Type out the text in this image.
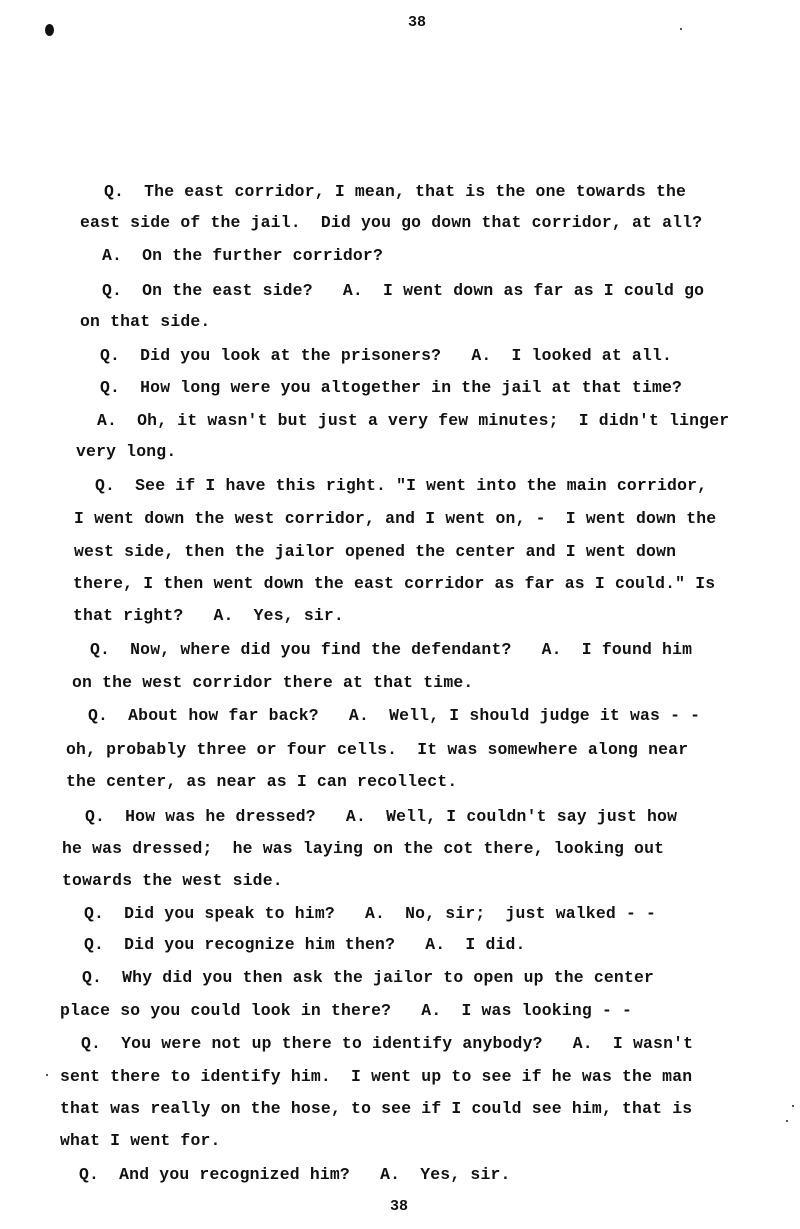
38
Q.  The east corridor, I mean, that is the one towards the
east side of the jail.  Did you go down that corridor, at all?
A.  On the further corridor?
Q.  On the east side?   A.  I went down as far as I could go
on that side.
Q.  Did you look at the prisoners?   A.  I looked at all.
Q.  How long were you altogether in the jail at that time?
A.  Oh, it wasn't but just a very few minutes;  I didn't linger
very long.
Q.  See if I have this right. "I went into the main corridor,
I went down the west corridor, and I went on, -  I went down the
west side, then the jailor opened the center and I went down
there, I then went down the east corridor as far as I could." Is
that right?   A.  Yes, sir.
Q.  Now, where did you find the defendant?   A.  I found him
on the west corridor there at that time.
Q.  About how far back?   A.  Well, I should judge it was - -
oh, probably three or four cells.  It was somewhere along near
the center, as near as I can recollect.
Q.  How was he dressed?   A.  Well, I couldn't say just how
he was dressed;  he was laying on the cot there, looking out
towards the west side.
Q.  Did you speak to him?   A.  No, sir;  just walked - -
Q.  Did you recognize him then?   A.  I did.
Q.  Why did you then ask the jailor to open up the center
place so you could look in there?   A.  I was looking - -
Q.  You were not up there to identify anybody?   A.  I wasn't
sent there to identify him.  I went up to see if he was the man
that was really on the hose, to see if I could see him, that is
what I went for.
Q.  And you recognized him?   A.  Yes, sir.
38
